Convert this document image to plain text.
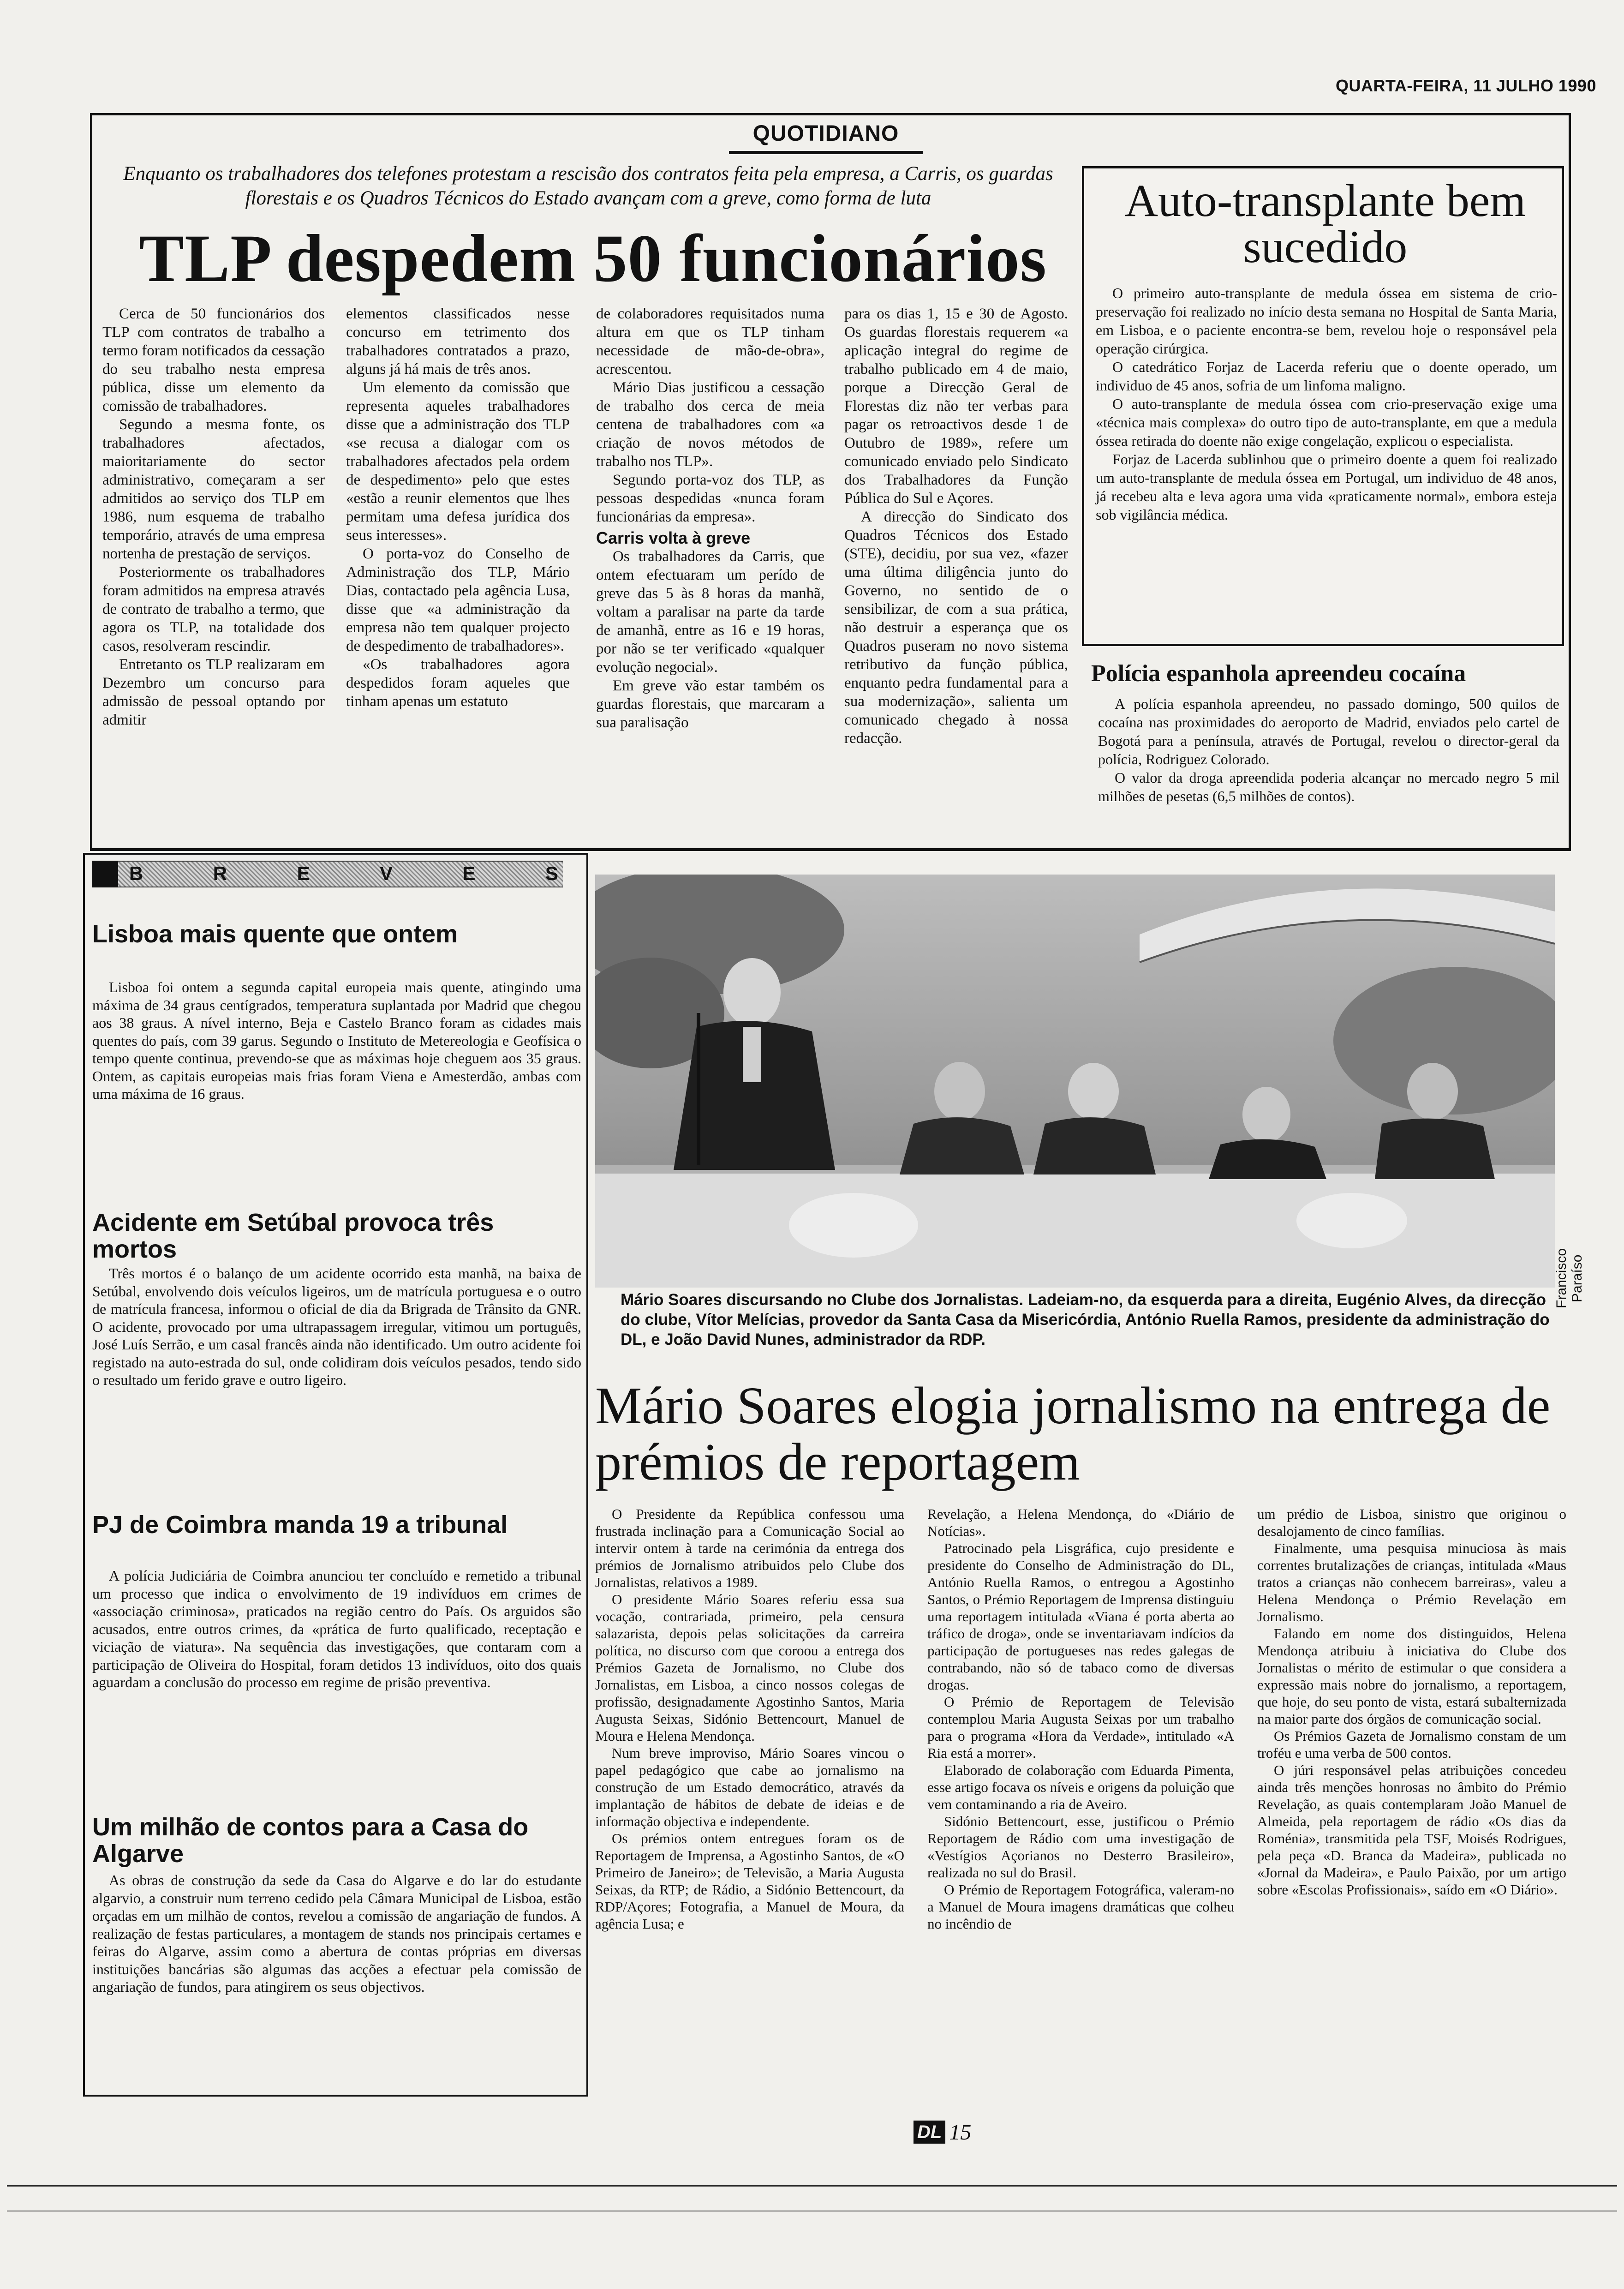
QUARTA-FEIRA, 11 JULHO 1990
QUOTIDIANO
Enquanto os trabalhadores dos telefones protestam a rescisão dos contratos feita pela empresa, a Carris, os guardas florestais e os Quadros Técnicos do Estado avançam com a greve, como forma de luta
TLP despedem 50 funcionários

Cerca de 50 funcionários dos TLP com contratos de trabalho a termo foram notificados da cessação do seu trabalho nesta empresa pública, disse um elemento da comissão de trabalhadores.

Segundo a mesma fonte, os trabalhadores afectados, maioritariamente do sector administrativo, começaram a ser admitidos ao serviço dos TLP em 1986, num esquema de trabalho temporário, através de uma empresa nortenha de prestação de serviços.

Posteriormente os trabalhadores foram admitidos na empresa através de contrato de trabalho a termo, que agora os TLP, na totalidade dos casos, resolveram rescindir.

Entretanto os TLP realizaram em Dezembro um concurso para admissão de pessoal optando por admitir

elementos classificados nesse concurso em tetrimento dos trabalhadores contratados a prazo, alguns já há mais de três anos.

Um elemento da comissão que representa aqueles trabalhadores disse que a administração dos TLP «se recusa a dialogar com os trabalhadores afectados pela ordem de despedimento» pelo que estes «estão a reunir elementos que lhes permitam uma defesa jurídica dos seus interesses».

O porta-voz do Conselho de Administração dos TLP, Mário Dias, contactado pela agência Lusa, disse que «a administração da empresa não tem qualquer projecto de despedimento de trabalhadores».

«Os trabalhadores agora despedidos foram aqueles que tinham apenas um estatuto

de colaboradores requisitados numa altura em que os TLP tinham necessidade de mão-de-obra», acrescentou.

Mário Dias justificou a cessação de trabalho dos cerca de meia centena de trabalhadores com «a criação de novos métodos de trabalho nos TLP».

Segundo porta-voz dos TLP, as pessoas despedidas «nunca foram funcionárias da empresa».

Carris volta à greve

Os trabalhadores da Carris, que ontem efectuaram um perído de greve das 5 às 8 horas da manhã, voltam a paralisar na parte da tarde de amanhã, entre as 16 e 19 horas, por não se ter verificado «qualquer evolução negocial».

Em greve vão estar também os guardas florestais, que marcaram a sua paralisação

para os dias 1, 15 e 30 de Agosto. Os guardas florestais requerem «a aplicação integral do regime de trabalho publicado em 4 de maio, porque a Direcção Geral de Florestas diz não ter verbas para pagar os retroactivos desde 1 de Outubro de 1989», refere um comunicado enviado pelo Sindicato dos Trabalhadores da Função Pública do Sul e Açores.

A direcção do Sindicato dos Quadros Técnicos dos Estado (STE), decidiu, por sua vez, «fazer uma última diligência junto do Governo, no sentido de o sensibilizar, de com a sua prática, não destruir a esperança que os Quadros puseram no novo sistema retributivo da função pública, enquanto pedra fundamental para a sua modernização», salienta um comunicado chegado à nossa redacção.

Auto-transplante bem sucedido

O primeiro auto-transplante de medula óssea em sistema de crio-preservação foi realizado no início desta semana no Hospital de Santa Maria, em Lisboa, e o paciente encontra-se bem, revelou hoje o responsável pela operação cirúrgica.

O catedrático Forjaz de Lacerda referiu que o doente operado, um individuo de 45 anos, sofria de um linfoma maligno.

O auto-transplante de medula óssea com crio-preservação exige uma «técnica mais complexa» do outro tipo de auto-transplante, em que a medula óssea retirada do doente não exige congelação, explicou o especialista.

Forjaz de Lacerda sublinhou que o primeiro doente a quem foi realizado um auto-transplante de medula óssea em Portugal, um individuo de 48 anos, já recebeu alta e leva agora uma vida «praticamente normal», embora esteja sob vigilância médica.

Polícia espanhola apreendeu cocaína

A polícia espanhola apreendeu, no passado domingo, 500 quilos de cocaína nas proximidades do aeroporto de Madrid, enviados pelo cartel de Bogotá para a península, através de Portugal, revelou o director-geral da polícia, Rodriguez Colorado.

O valor da droga apreendida poderia alcançar no mercado negro 5 mil milhões de pesetas (6,5 milhões de contos).

B	R	E	V	E	S
Lisboa mais quente que ontem

Lisboa foi ontem a segunda capital europeia mais quente, atingindo uma máxima de 34 graus centígrados, temperatura suplantada por Madrid que chegou aos 38 graus. A nível interno, Beja e Castelo Branco foram as cidades mais quentes do país, com 39 garus. Segundo o Instituto de Metereologia e Geofísica o tempo quente continua, prevendo-se que as máximas hoje cheguem aos 35 graus. Ontem, as capitais europeias mais frias foram Viena e Amesterdão, ambas com uma máxima de 16 graus.

Acidente em Setúbal provoca três mortos

Três mortos é o balanço de um acidente ocorrido esta manhã, na baixa de Setúbal, envolvendo dois veículos ligeiros, um de matrícula portuguesa e o outro de matrícula francesa, informou o oficial de dia da Brigrada de Trânsito da GNR. O acidente, provocado por uma ultrapassagem irregular, vitimou um português, José Luís Serrão, e um casal francês ainda não identificado. Um outro acidente foi registado na auto-estrada do sul, onde colidiram dois veículos pesados, tendo sido o resultado um ferido grave e outro ligeiro.

PJ de Coimbra manda 19 a tribunal

A polícia Judiciária de Coimbra anunciou ter concluído e remetido a tribunal um processo que indica o envolvimento de 19 indivíduos em crimes de «associação criminosa», praticados na região centro do País. Os arguidos são acusados, entre outros crimes, da «prática de furto qualificado, receptação e viciação de viatura». Na sequência das investigações, que contaram com a participação de Oliveira do Hospital, foram detidos 13 indivíduos, oito dos quais aguardam a conclusão do processo em regime de prisão preventiva.

Um milhão de contos para a Casa do Algarve

As obras de construção da sede da Casa do Algarve e do lar do estudante algarvio, a construir num terreno cedido pela Câmara Municipal de Lisboa, estão orçadas em um milhão de contos, revelou a comissão de angariação de fundos. A realização de festas particulares, a montagem de stands nos principais certames e feiras do Algarve, assim como a abertura de contas próprias em diversas instituições bancárias são algumas das acções a efectuar pela comissão de angariação de fundos, para atingirem os seus objectivos.

Francisco Paraíso
Mário Soares discursando no Clube dos Jornalistas. Ladeiam-no, da esquerda para a direita, Eugénio Alves, da direcção do clube, Vítor Melícias, provedor da Santa Casa da Misericórdia, António Ruella Ramos, presidente da administração do DL, e João David Nunes, administrador da RDP.
Mário Soares elogia jornalismo na entrega de prémios de reportagem

O Presidente da República confessou uma frustrada inclinação para a Comunicação Social ao intervir ontem à tarde na cerimónia da entrega dos prémios de Jornalismo atribuidos pelo Clube dos Jornalistas, relativos a 1989.

O presidente Mário Soares referiu essa sua vocação, contrariada, primeiro, pela censura salazarista, depois pelas solicitações da carreira política, no discurso com que coroou a entrega dos Prémios Gazeta de Jornalismo, no Clube dos Jornalistas, em Lisboa, a cinco nossos colegas de profissão, designadamente Agostinho Santos, Maria Augusta Seixas, Sidónio Bettencourt, Manuel de Moura e Helena Mendonça.

Num breve improviso, Mário Soares vincou o papel pedagógico que cabe ao jornalismo na construção de um Estado democrático, através da implantação de hábitos de debate de ideias e de informação objectiva e independente.

Os prémios ontem entregues foram os de Reportagem de Imprensa, a Agostinho Santos, de «O Primeiro de Janeiro»; de Televisão, a Maria Augusta Seixas, da RTP; de Rádio, a Sidónio Bettencourt, da RDP/Açores; Fotografia, a Manuel de Moura, da agência Lusa; e

Revelação, a Helena Mendonça, do «Diário de Notícias».

Patrocinado pela Lisgráfica, cujo presidente e presidente do Conselho de Administração do DL, António Ruella Ramos, o entregou a Agostinho Santos, o Prémio Reportagem de Imprensa distinguiu uma reportagem intitulada «Viana é porta aberta ao tráfico de droga», onde se inventariavam indícios da participação de portugueses nas redes galegas de contrabando, não só de tabaco como de diversas drogas.

O Prémio de Reportagem de Televisão contemplou Maria Augusta Seixas por um trabalho para o programa «Hora da Verdade», intitulado «A Ria está a morrer».

Elaborado de colaboração com Eduarda Pimenta, esse artigo focava os níveis e origens da poluição que vem contaminando a ria de Aveiro.

Sidónio Bettencourt, esse, justificou o Prémio Reportagem de Rádio com uma investigação de «Vestígios Açorianos no Desterro Brasileiro», realizada no sul do Brasil.

O Prémio de Reportagem Fotográfica, valeram-no a Manuel de Moura imagens dramáticas que colheu no incêndio de

um prédio de Lisboa, sinistro que originou o desalojamento de cinco famílias.

Finalmente, uma pesquisa minuciosa às mais correntes brutalizações de crianças, intitulada «Maus tratos a crianças não conhecem barreiras», valeu a Helena Mendonça o Prémio Revelação em Jornalismo.

Falando em nome dos distinguidos, Helena Mendonça atribuiu à iniciativa do Clube dos Jornalistas o mérito de estimular o que considera a expressão mais nobre do jornalismo, a reportagem, que hoje, do seu ponto de vista, estará subalternizada na maior parte dos órgãos de comunicação social.

Os Prémios Gazeta de Jornalismo constam de um troféu e uma verba de 500 contos.

O júri responsável pelas atribuições concedeu ainda três menções honrosas no âmbito do Prémio Revelação, as quais contemplaram João Manuel de Almeida, pela reportagem de rádio «Os dias da Roménia», transmitida pela TSF, Moisés Rodrigues, pela peça «D. Branca da Madeira», publicada no «Jornal da Madeira», e Paulo Paixão, por um artigo sobre «Escolas Profissionais», saído em «O Diário».

DL 15
